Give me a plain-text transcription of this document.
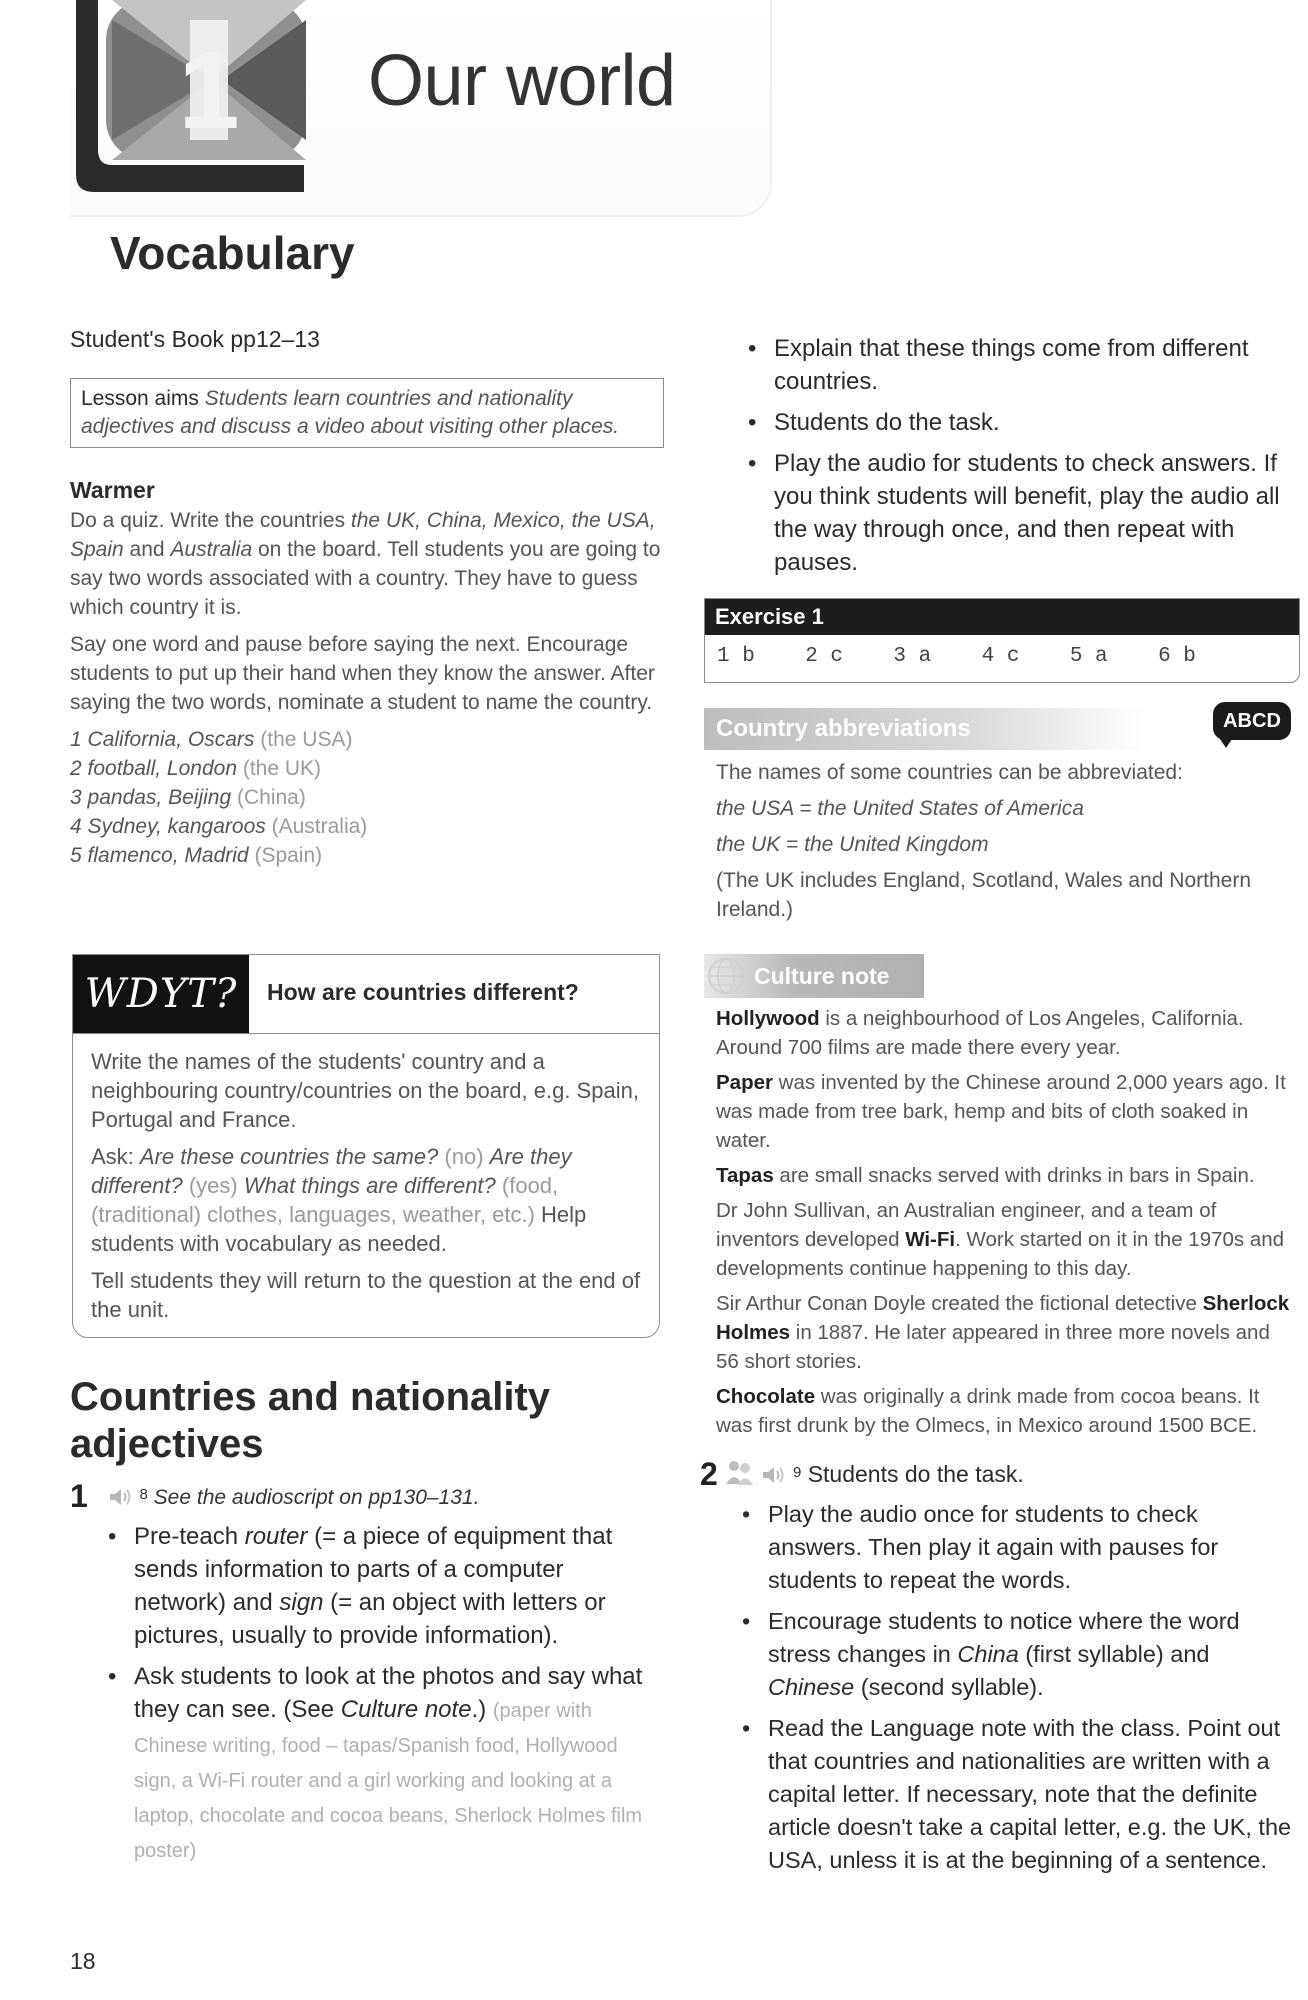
1 Our world
Vocabulary
Student's Book pp12–13

Lesson aims Students learn countries and nationality adjectives and discuss a video about visiting other places.

Warmer

Do a quiz. Write the countries the UK, China, Mexico, the USA, Spain and Australia on the board. Tell students you are going to say two words associated with a country. They have to guess which country it is.

Say one word and pause before saying the next. Encourage students to put up their hand when they know the answer. After saying the two words, nominate a student to name the country.

1 California, Oscars (the USA)

2 football, London (the UK)

3 pandas, Beijing (China)

4 Sydney, kangaroos (Australia)

5 flamenco, Madrid (Spain)

WDYT?	How are countries different?

Write the names of the students' country and a neighbouring country/countries on the board, e.g. Spain, Portugal and France.

Ask: Are these countries the same? (no) Are they different? (yes) What things are different? (food, (traditional) clothes, languages, weather, etc.) Help students with vocabulary as needed.

Tell students they will return to the question at the end of the unit.

Countries and nationality adjectives
1	$^8$ See the audioscript on pp130–131.

• Pre-teach router (= a piece of equipment that sends information to parts of a computer network) and sign (= an object with letters or pictures, usually to provide information).

• Ask students to look at the photos and say what they can see. (See Culture note.) (paper with Chinese writing, food – tapas/Spanish food, Hollywood sign, a Wi-Fi router and a girl working and looking at a laptop, chocolate and cocoa beans, Sherlock Holmes film poster)

18

• Explain that these things come from different countries.

• Students do the task.

• Play the audio for students to check answers. If you think students will benefit, play the audio all the way through once, and then repeat with pauses.

Exercise 1
1 b    2 c    3 a    4 c    5 a    6 b
Country abbreviations	ABCD

The names of some countries can be abbreviated:

the USA = the United States of America

the UK = the United Kingdom

(The UK includes England, Scotland, Wales and Northern Ireland.)

Culture note

Hollywood is a neighbourhood of Los Angeles, California. Around 700 films are made there every year.

Paper was invented by the Chinese around 2,000 years ago. It was made from tree bark, hemp and bits of cloth soaked in water.

Tapas are small snacks served with drinks in bars in Spain.

Dr John Sullivan, an Australian engineer, and a team of inventors developed Wi-Fi. Work started on it in the 1970s and developments continue happening to this day.

Sir Arthur Conan Doyle created the fictional detective Sherlock Holmes in 1887. He later appeared in three more novels and 56 short stories.

Chocolate was originally a drink made from cocoa beans. It was first drunk by the Olmecs, in Mexico around 1500 BCE.

2	$^9$ Students do the task.

• Play the audio once for students to check answers. Then play it again with pauses for students to repeat the words.

• Encourage students to notice where the word stress changes in China (first syllable) and Chinese (second syllable).

• Read the Language note with the class. Point out that countries and nationalities are written with a capital letter. If necessary, note that the definite article doesn't take a capital letter, e.g. the UK, the USA, unless it is at the beginning of a sentence.
